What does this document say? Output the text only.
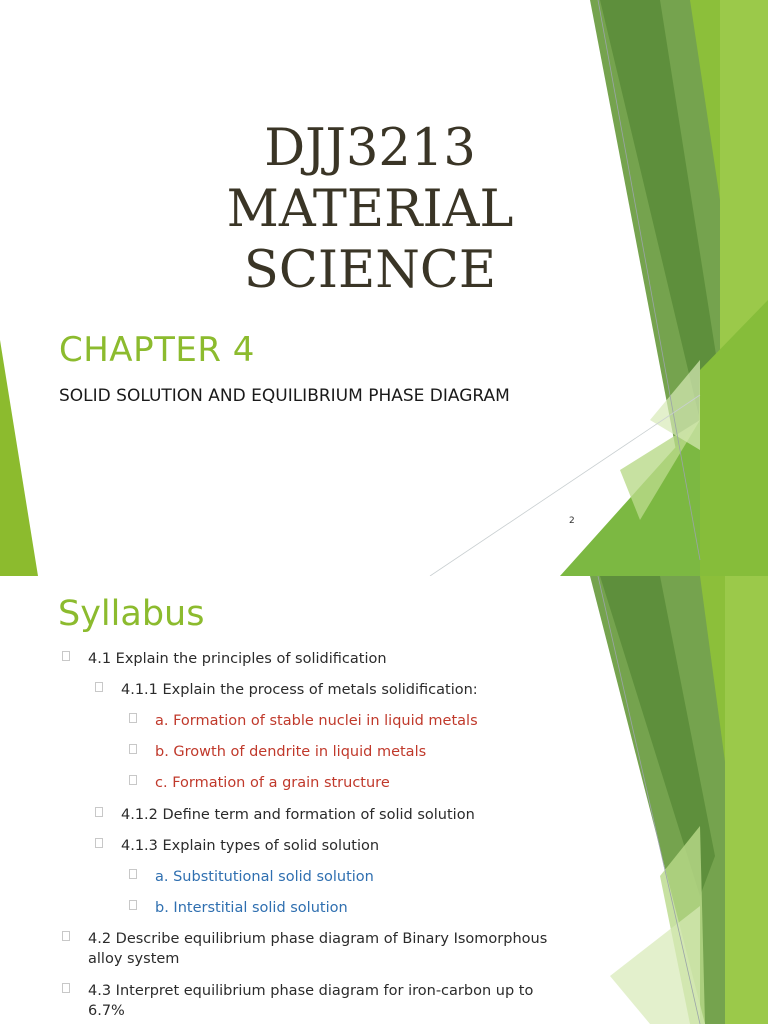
DJJ3213
MATERIAL
SCIENCE
CHAPTER 4
SOLID SOLUTION AND EQUILIBRIUM PHASE DIAGRAM
2
Syllabus
4.1 Explain the principles of solidification
4.1.1 Explain the process of metals solidification:
a. Formation of stable nuclei in liquid metals
b. Growth of dendrite in liquid metals
c. Formation of a grain structure
4.1.2 Define term and formation of solid solution
4.1.3 Explain types of solid solution
a. Substitutional solid solution
b. Interstitial solid solution
4.2 Describe equilibrium phase diagram of Binary Isomorphous
alloy system
4.3 Interpret equilibrium phase diagram for iron-carbon up to
6.7%
